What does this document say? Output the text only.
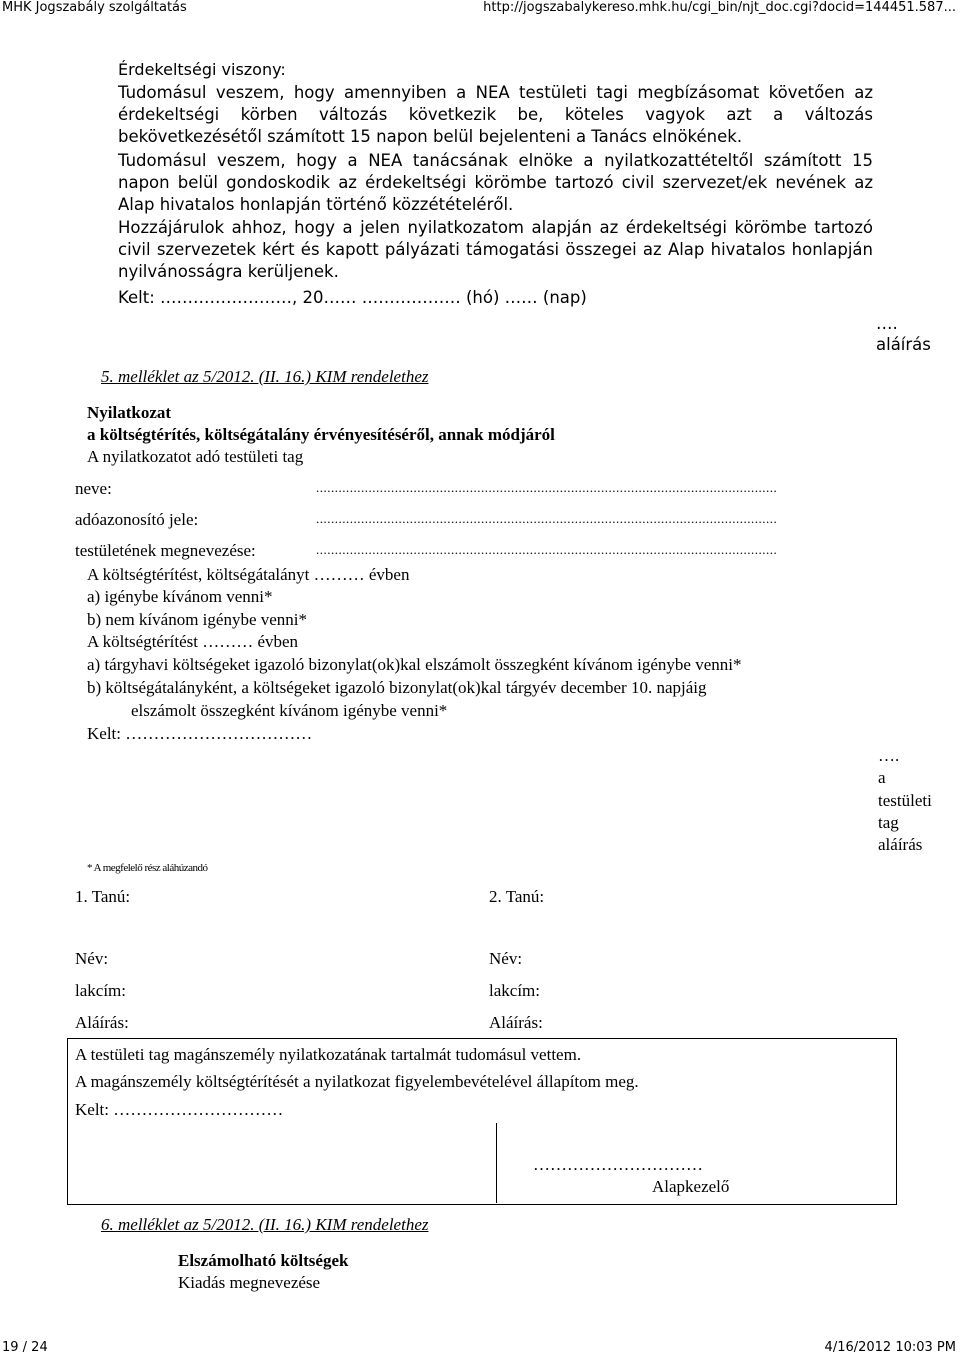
MHK Jogszabály szolgáltatás	http://jogszabalykereso.mhk.hu/cgi_bin/njt_doc.cgi?docid=144451.587...
Érdekeltségi viszony:
Tudomásul veszem, hogy amennyiben a NEA testületi tagi megbízásomat követően az érdekeltségi körben változás következik be, köteles vagyok azt a változás bekövetkezésétől számított 15 napon belül bejelenteni a Tanács elnökének.
Tudomásul veszem, hogy a NEA tanácsának elnöke a nyilatkozattételtől számított 15 napon belül gondoskodik az érdekeltségi körömbe tartozó civil szervezet/ek nevének az Alap hivatalos honlapján történő közzétételéről.
Hozzájárulok ahhoz, hogy a jelen nyilatkozatom alapján az érdekeltségi körömbe tartozó civil szervezetek kért és kapott pályázati támogatási összegei az Alap hivatalos honlapján nyilvánosságra kerüljenek.
Kelt: ……………………, 20…… ……………… (hó) …… (nap)
….
aláírás
5. melléklet az 5/2012. (II. 16.) KIM rendelethez
Nyilatkozat
a költségtérítés, költségátalány érvényesítéséről, annak módjáról
A nyilatkozatot adó testületi tag
neve:	...........................................................................................................................
adóazonosító jele:	...........................................................................................................................
testületének megnevezése:	...........................................................................................................................
A költségtérítést, költségátalányt ……… évben
a) igénybe kívánom venni*
b) nem kívánom igénybe venni*
A költségtérítést ……… évben
a) tárgyhavi költségeket igazoló bizonylat(ok)kal elszámolt összegként kívánom igénybe venni*
b) költségátalányként, a költségeket igazoló bizonylat(ok)kal tárgyév december 10. napjáig
elszámolt összegként kívánom igénybe venni*
Kelt: ……………………………
….
a
testületi
tag
aláírás
* A megfelelő rész aláhúzandó
1. Tanú:
Név:
lakcím:
Aláírás:
2. Tanú:
Név:
lakcím:
Aláírás:
A testületi tag magánszemély nyilatkozatának tartalmát tudomásul vettem.
A magánszemély költségtérítését a nyilatkozat figyelembevételével állapítom meg.
Kelt: …………………………
…………………………
Alapkezelő
6. melléklet az 5/2012. (II. 16.) KIM rendelethez
Elszámolható költségek
Kiadás megnevezése
19 / 24	4/16/2012 10:03 PM
